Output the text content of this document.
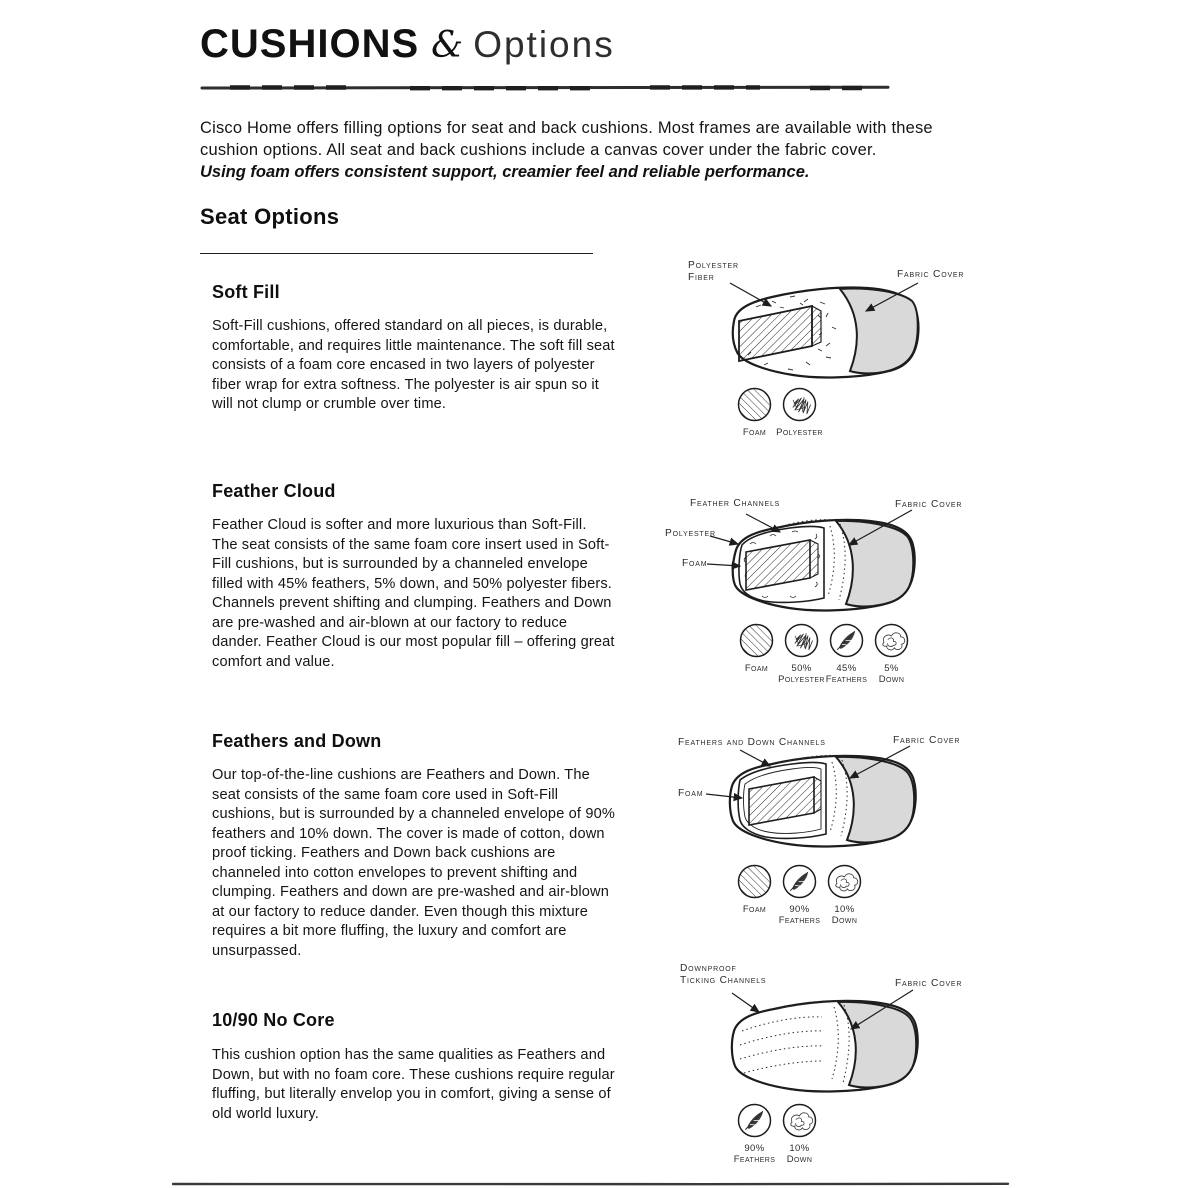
CUSHIONS & Options
Cisco Home offers filling options for seat and back cushions. Most frames are available with these cushion options. All seat and back cushions include a canvas cover under the fabric cover.
Using foam offers consistent support, creamier feel and reliable performance.
Seat Options
Soft Fill
Soft-Fill cushions, offered standard on all pieces, is durable, comfortable, and requires little maintenance. The soft fill seat consists of a foam core encased in two layers of polyester fiber wrap for extra softness. The polyester is air spun so it will not clump or crumble over time.
Feather Cloud
Feather Cloud is softer and more luxurious than Soft-Fill. The seat consists of the same foam core insert used in Soft-Fill cushions, but is surrounded by a channeled envelope filled with 45% feathers, 5% down, and 50% polyester fibers. Channels prevent shifting and clumping. Feathers and Down are pre-washed and air-blown at our factory to reduce dander. Feather Cloud is our most popular fill – offering great comfort and value.
Feathers and Down
Our top-of-the-line cushions are Feathers and Down. The seat consists of the same foam core used in Soft-Fill cushions, but is surrounded by a channeled envelope of 90% feathers and 10% down. The cover is made of cotton, down proof ticking. Feathers and Down back cushions are channeled into cotton envelopes to prevent shifting and clumping. Feathers and down are pre-washed and air-blown at our factory to reduce dander. Even though this mixture requires a bit more fluffing, the luxury and comfort are unsurpassed.
10/90 No Core
This cushion option has the same qualities as Feathers and Down, but with no foam core. These cushions require regular fluffing, but literally envelop you in comfort, giving a sense of old world luxury.
Polyester
Fiber	Fabric Cover
Foam Polyester
Feather Channels	Fabric Cover
Polyester
Foam
Foam	50%
Polyester
45%
Feathers
5%
Down
Feathers and Down Channels	Fabric Cover
Foam
Foam	90%
Feathers
10%
Down
Downproof
Ticking Channels	Fabric Cover
90%
Feathers
10%
Down
